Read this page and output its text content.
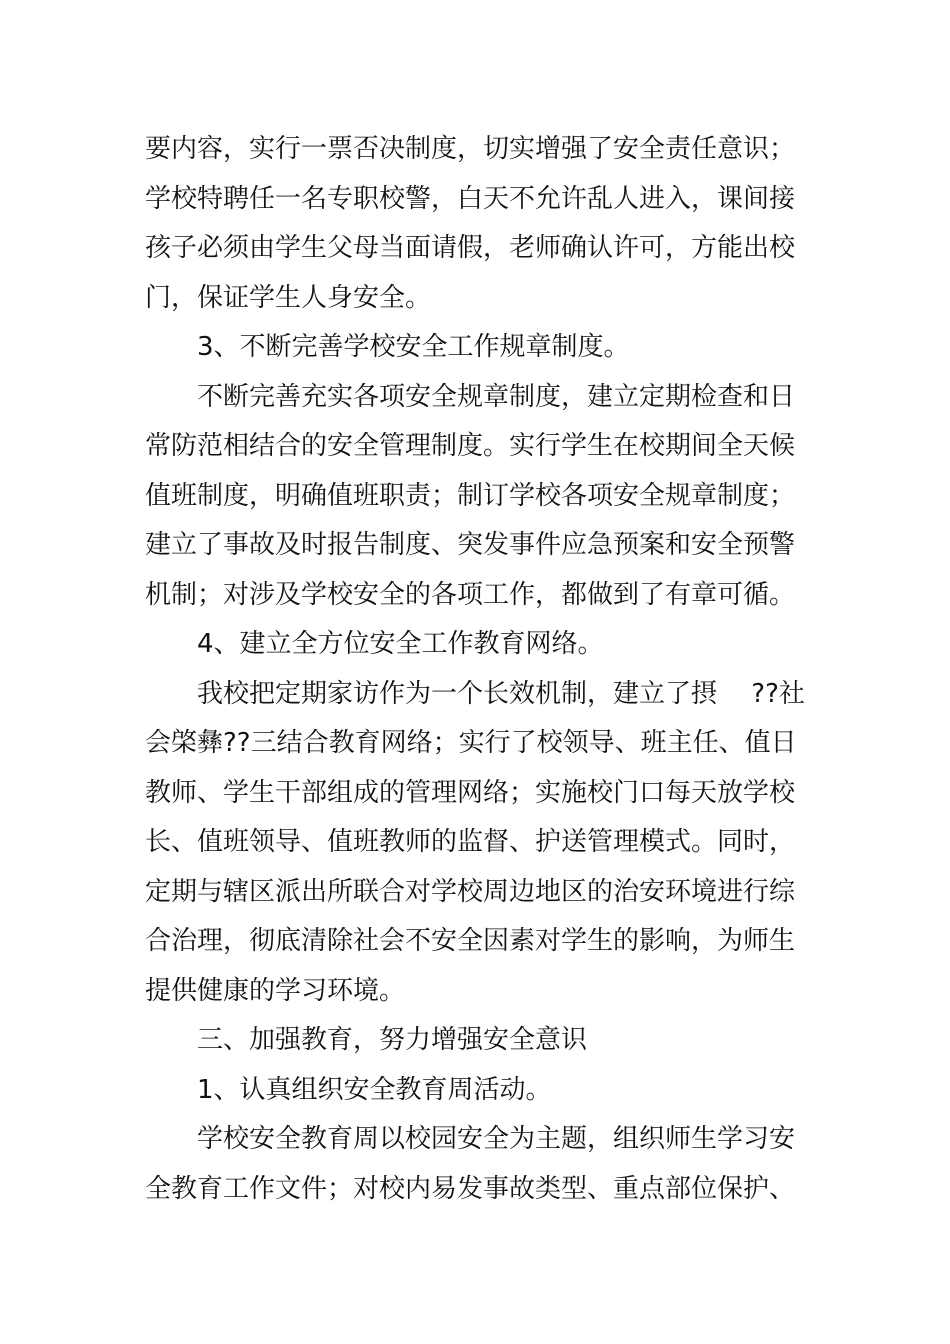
要内容，实行一票否决制度，切实增强了安全责任意识；
学校特聘任一名专职校警，白天不允许乱人进入，课间接
孩子必须由学生父母当面请假，老师确认许可，方能出校
门，保证学生人身安全。
3、不断完善学校安全工作规章制度。
不断完善充实各项安全规章制度，建立定期检查和日
常防范相结合的安全管理制度。实行学生在校期间全天候
值班制度，明确值班职责；制订学校各项安全规章制度；
建立了事故及时报告制度、突发事件应急预案和安全预警
机制；对涉及学校安全的各项工作，都做到了有章可循。
4、建立全方位安全工作教育网络。
我校把定期家访作为一个长效机制，建立了摂　 ??社
会棨彝??三结合教育网络；实行了校领导、班主任、值日
教师、学生干部组成的管理网络；实施校门口每天放学校
长、值班领导、值班教师的监督、护送管理模式。同时，
定期与辖区派出所联合对学校周边地区的治安环境进行综
合治理，彻底清除社会不安全因素对学生的影响，为师生
提供健康的学习环境。
三、加强教育，努力增强安全意识
1、认真组织安全教育周活动。
学校安全教育周以校园安全为主题，组织师生学习安
全教育工作文件；对校内易发事故类型、重点部位保护、
